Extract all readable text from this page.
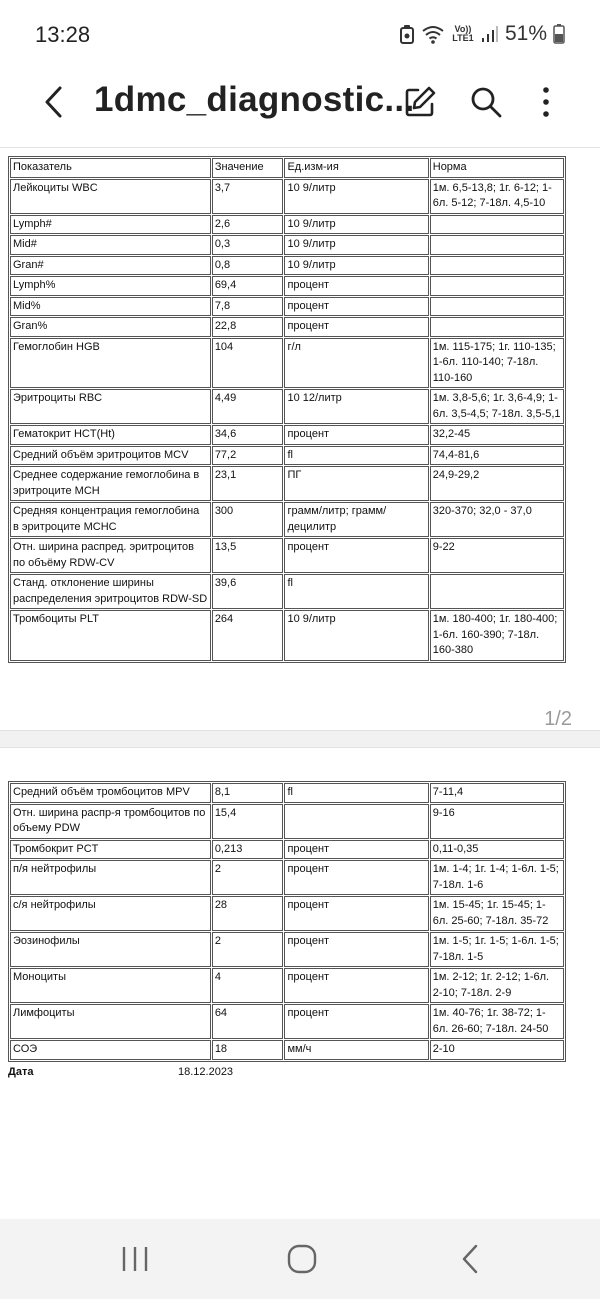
13:28	Vo)) LTE1 51%
1dmc_diagnostic...
Показатель	Значение	Ед.изм-ия	Норма
Лейкоциты WBC	3,7	10 9/литр	1м. 6,5-13,8; 1г. 6-12; 1-6л. 5-12; 7-18л. 4,5-10
Lymph#	2,6	10 9/литр	
Mid#	0,3	10 9/литр	
Gran#	0,8	10 9/литр	
Lymph%	69,4	процент	
Mid%	7,8	процент	
Gran%	22,8	процент	
Гемоглобин HGB	104	г/л	1м. 115-175; 1г. 110-135; 1-6л. 110-140; 7-18л. 110-160
Эритроциты RBC	4,49	10 12/литр	1м. 3,8-5,6; 1г. 3,6-4,9; 1-6л. 3,5-4,5; 7-18л. 3,5-5,1
Гематокрит HCT(Ht)	34,6	процент	32,2-45
Средний объём эритроцитов MCV	77,2	fl	74,4-81,6
Среднее содержание гемоглобина в эритроците MCH	23,1	ПГ	24,9-29,2
Средняя концентрация гемоглобина в эритроците MCHC	300	грамм/литр; грамм/децилитр	320-370; 32,0 - 37,0
Отн. ширина распред. эритроцитов по объёму RDW-CV	13,5	процент	9-22
Станд. отклонение ширины распределения эритроцитов RDW-SD	39,6	fl	
Тромбоциты PLT	264	10 9/литр	1м. 180-400; 1г. 180-400; 1-6л. 160-390; 7-18л. 160-380
1/2
Средний объём тромбоцитов MPV	8,1	fl	7-11,4
Отн. ширина распр-я тромбоцитов по объему PDW	15,4		9-16
Тромбокрит PCT	0,213	процент	0,11-0,35
п/я нейтрофилы	2	процент	1м. 1-4; 1г. 1-4; 1-6л. 1-5; 7-18л. 1-6
с/я нейтрофилы	28	процент	1м. 15-45; 1г. 15-45; 1-6л. 25-60; 7-18л. 35-72
Эозинофилы	2	процент	1м. 1-5; 1г. 1-5; 1-6л. 1-5; 7-18л. 1-5
Моноциты	4	процент	1м. 2-12; 1г. 2-12; 1-6л. 2-10; 7-18л. 2-9
Лимфоциты	64	процент	1м. 40-76; 1г. 38-72; 1-6л. 26-60; 7-18л. 24-50
СОЭ	18	мм/ч	2-10
Дата	18.12.2023
